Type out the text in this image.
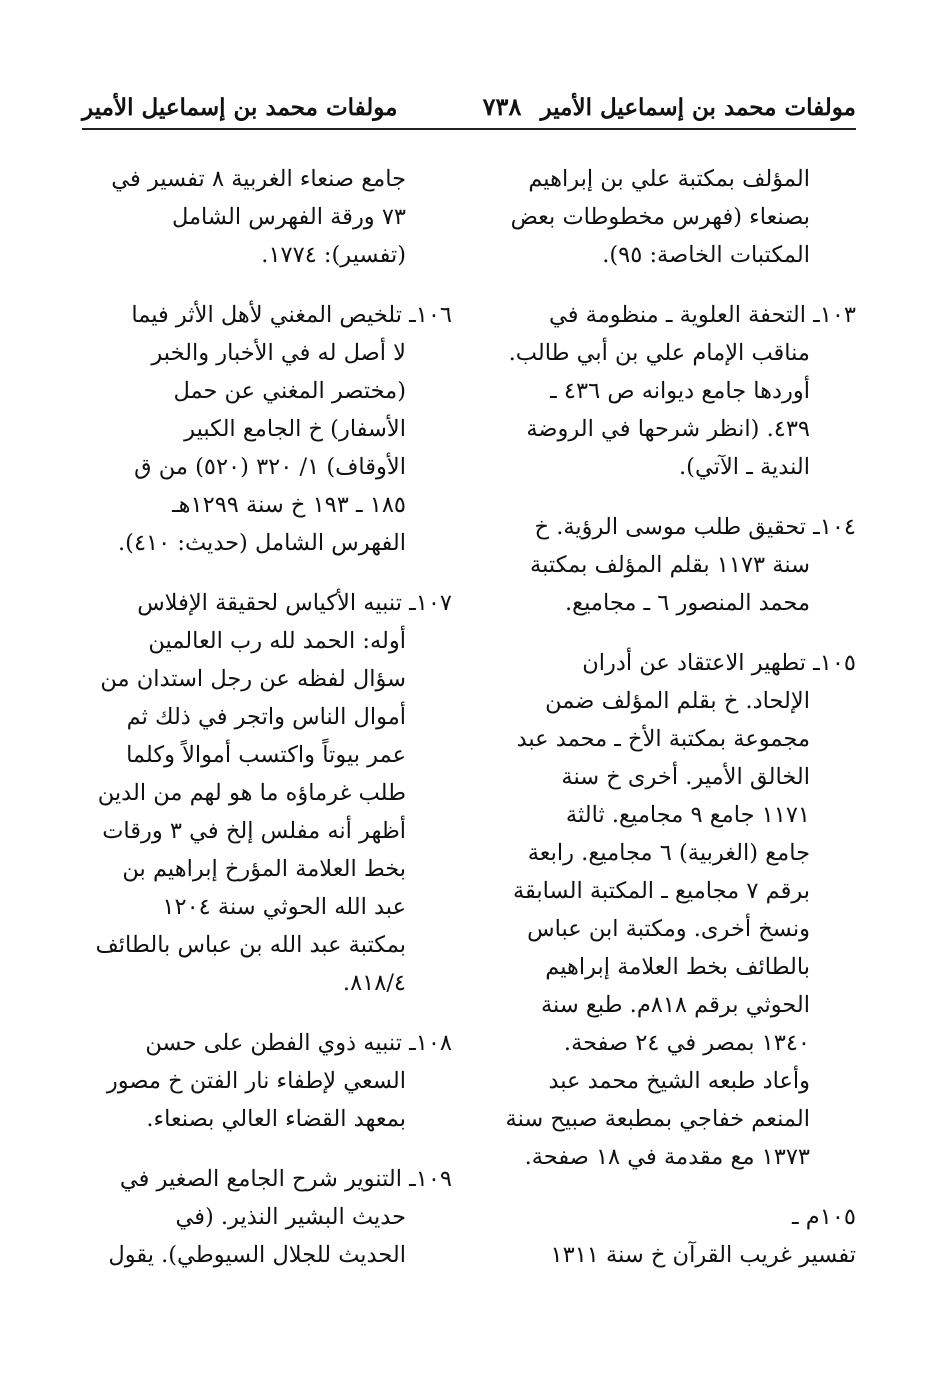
مولفات محمد بن إسماعيل الأمير
٧٣٨
مولفات محمد بن إسماعيل الأمير
المؤلف بمكتبة علي بن إبراهيم
بصنعاء (فهرس مخطوطات بعض
المكتبات الخاصة: ٩٥).
١٠٣ـ التحفة العلوية ـ منظومة في
مناقب الإمام علي بن أبي طالب.
أوردها جامع ديوانه ص ٤٣٦ ـ
٤٣٩. (انظر شرحها في الروضة
الندية ـ الآتي).
١٠٤ـ تحقيق طلب موسى الرؤية. خ
سنة ١١٧٣ بقلم المؤلف بمكتبة
محمد المنصور ٦ ـ مجاميع.
١٠٥ـ تطهير الاعتقاد عن أدران
الإلحاد. خ بقلم المؤلف ضمن
مجموعة بمكتبة الأخ ـ محمد عبد
الخالق الأمير. أخرى خ سنة
١١٧١ جامع ٩ مجاميع. ثالثة
جامع (الغربية) ٦ مجاميع. رابعة
برقم ٧ مجاميع ـ المكتبة السابقة
ونسخ أخرى. ومكتبة ابن عباس
بالطائف بخط العلامة إبراهيم
الحوثي برقم ٨١٨م. طبع سنة
١٣٤٠ بمصر في ٢٤ صفحة.
وأعاد طبعه الشيخ محمد عبد
المنعم خفاجي بمطبعة صبيح سنة
١٣٧٣ مع مقدمة في ١٨ صفحة.
١٠٥م ـ
تفسير غريب القرآن خ سنة ١٣١١
جامع صنعاء الغربية ٨ تفسير في
٧٣ ورقة الفهرس الشامل
(تفسير): ١٧٧٤.
١٠٦ـ تلخيص المغني لأهل الأثر فيما
لا أصل له في الأخبار والخبر
(مختصر المغني عن حمل
الأسفار) خ الجامع الكبير
الأوقاف) ١/ ٣٢٠ (٥٢٠) من ق
١٨٥ ـ ١٩٣ خ سنة ١٢٩٩هـ
الفهرس الشامل (حديث: ٤١٠).
١٠٧ـ تنبيه الأكياس لحقيقة الإفلاس
أوله: الحمد لله رب العالمين
سؤال لفظه عن رجل استدان من
أموال الناس واتجر في ذلك ثم
عمر بيوتاً واكتسب أموالاً وكلما
طلب غرماؤه ما هو لهم من الدين
أظهر أنه مفلس إلخ في ٣ ورقات
بخط العلامة المؤرخ إبراهيم بن
عبد الله الحوثي سنة ١٢٠٤
بمكتبة عبد الله بن عباس بالطائف
٨١٨/٤.
١٠٨ـ تنبيه ذوي الفطن على حسن
السعي لإطفاء نار الفتن خ مصور
بمعهد القضاء العالي بصنعاء.
١٠٩ـ التنوير شرح الجامع الصغير في
حديث البشير النذير. (في
الحديث للجلال السيوطي). يقول
